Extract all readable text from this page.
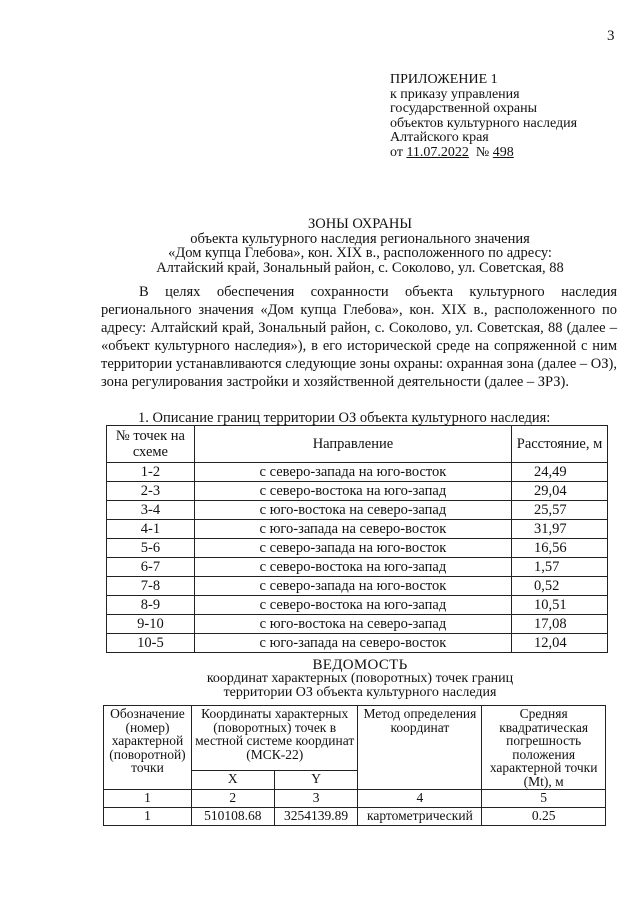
3
ПРИЛОЖЕНИЕ 1
к приказу управления
государственной охраны
объектов культурного наследия
Алтайского края
от 11.07.2022 № 498
ЗОНЫ ОХРАНЫ
объекта культурного наследия регионального значения
«Дом купца Глебова», кон. XIX в., расположенного по адресу:
Алтайский край, Зональный район, с. Соколово, ул. Советская, 88

В целях обеспечения сохранности объекта культурного наследия регионального значения «Дом купца Глебова», кон. XIX в., расположенного по адресу: Алтайский край, Зональный район, с. Соколово, ул. Советская, 88 (далее – «объект культурного наследия»), в его исторической среде на сопряженной с ним территории устанавливаются следующие зоны охраны: охранная зона (далее – ОЗ), зона регулирования застройки и хозяйственной деятельности (далее – ЗРЗ).

1. Описание границ территории ОЗ объекта культурного наследия:
№ точек на схеме	Направление	Расстояние, м
1-2	с северо-запада на юго-восток	24,49
2-3	с северо-востока на юго-запад	29,04
3-4	с юго-востока на северо-запад	25,57
4-1	с юго-запада на северо-восток	31,97
5-6	с северо-запада на юго-восток	16,56
6-7	с северо-востока на юго-запад	1,57
7-8	с северо-запада на юго-восток	0,52
8-9	с северо-востока на юго-запад	10,51
9-10	с юго-востока на северо-запад	17,08
10-5	с юго-запада на северо-восток	12,04
ВЕДОМОСТЬ
координат характерных (поворотных) точек границ
территории ОЗ объекта культурного наследия
Обозначение (номер) характерной (поворотной) точки	Координаты характерных (поворотных) точек в местной системе координат (МСК-22)		Метод определения координат	Средняя квадратическая погрешность положения характерной точки (Mt), м
	X	Y		
1	2	3	4	5
1	510108.68	3254139.89	картометрический	0.25
